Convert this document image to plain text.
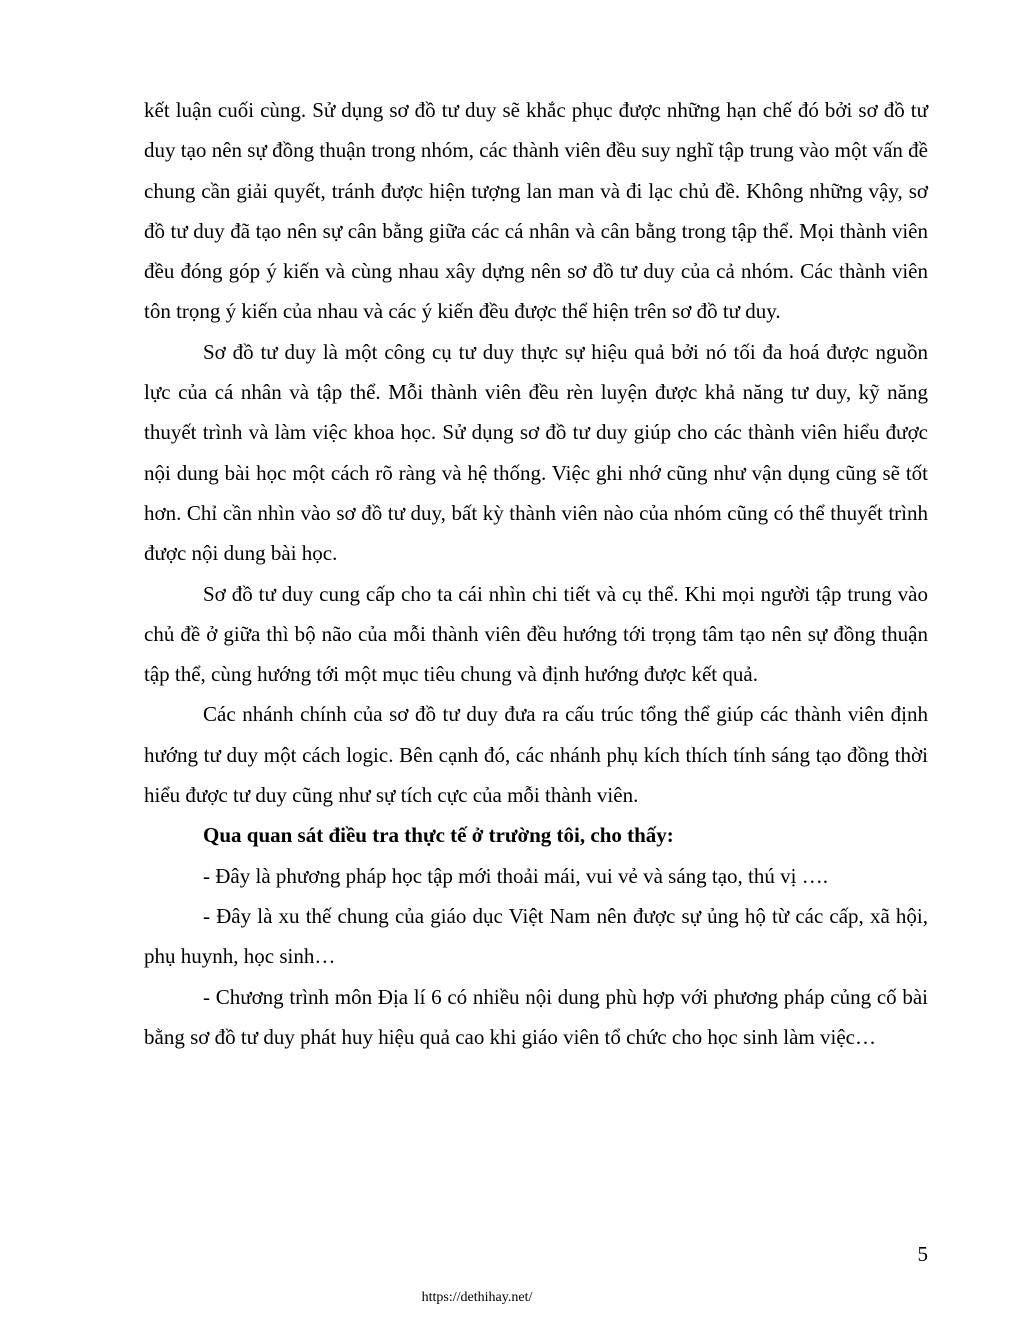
kết luận cuối cùng. Sử dụng sơ đồ tư duy sẽ khắc phục được những hạn chế đó bởi sơ đồ tư duy tạo nên sự đồng thuận trong nhóm, các thành viên đều suy nghĩ tập trung vào một vấn đề chung cần giải quyết, tránh được hiện tượng lan man và đi lạc chủ đề. Không những vậy, sơ đồ tư duy đã tạo nên sự cân bằng giữa các cá nhân và cân bằng trong tập thể. Mọi thành viên đều đóng góp ý kiến và cùng nhau xây dựng nên sơ đồ tư duy của cả nhóm. Các thành viên tôn trọng ý kiến của nhau và các ý kiến đều được thể hiện trên sơ đồ tư duy.

Sơ đồ tư duy là một công cụ tư duy thực sự hiệu quả bởi nó tối đa hoá được nguồn lực của cá nhân và tập thể. Mỗi thành viên đều rèn luyện được khả năng tư duy, kỹ năng thuyết trình và làm việc khoa học. Sử dụng sơ đồ tư duy giúp cho các thành viên hiểu được nội dung bài học một cách rõ ràng và hệ thống. Việc ghi nhớ cũng như vận dụng cũng sẽ tốt hơn. Chỉ cần nhìn vào sơ đồ tư duy, bất kỳ thành viên nào của nhóm cũng có thể thuyết trình được nội dung bài học.

Sơ đồ tư duy cung cấp cho ta cái nhìn chi tiết và cụ thể. Khi mọi người tập trung vào chủ đề ở giữa thì bộ não của mỗi thành viên đều hướng tới trọng tâm tạo nên sự đồng thuận tập thể, cùng hướng tới một mục tiêu chung và định hướng được kết quả.

Các nhánh chính của sơ đồ tư duy đưa ra cấu trúc tổng thể giúp các thành viên định hướng tư duy một cách logic. Bên cạnh đó, các nhánh phụ kích thích tính sáng tạo đồng thời hiểu được tư duy cũng như sự tích cực của mỗi thành viên.

Qua quan sát điều tra thực tế ở trường tôi, cho thấy:

- Đây là phương pháp học tập mới thoải mái, vui vẻ và sáng tạo, thú vị ….

- Đây là xu thế chung của giáo dục Việt Nam nên được sự ủng hộ từ các cấp, xã hội, phụ huynh, học sinh…

- Chương trình môn Địa lí 6 có nhiều nội dung phù hợp với phương pháp củng cố bài bằng sơ đồ tư duy phát huy hiệu quả cao khi giáo viên tổ chức cho học sinh làm việc…

5
https://dethihay.net/
